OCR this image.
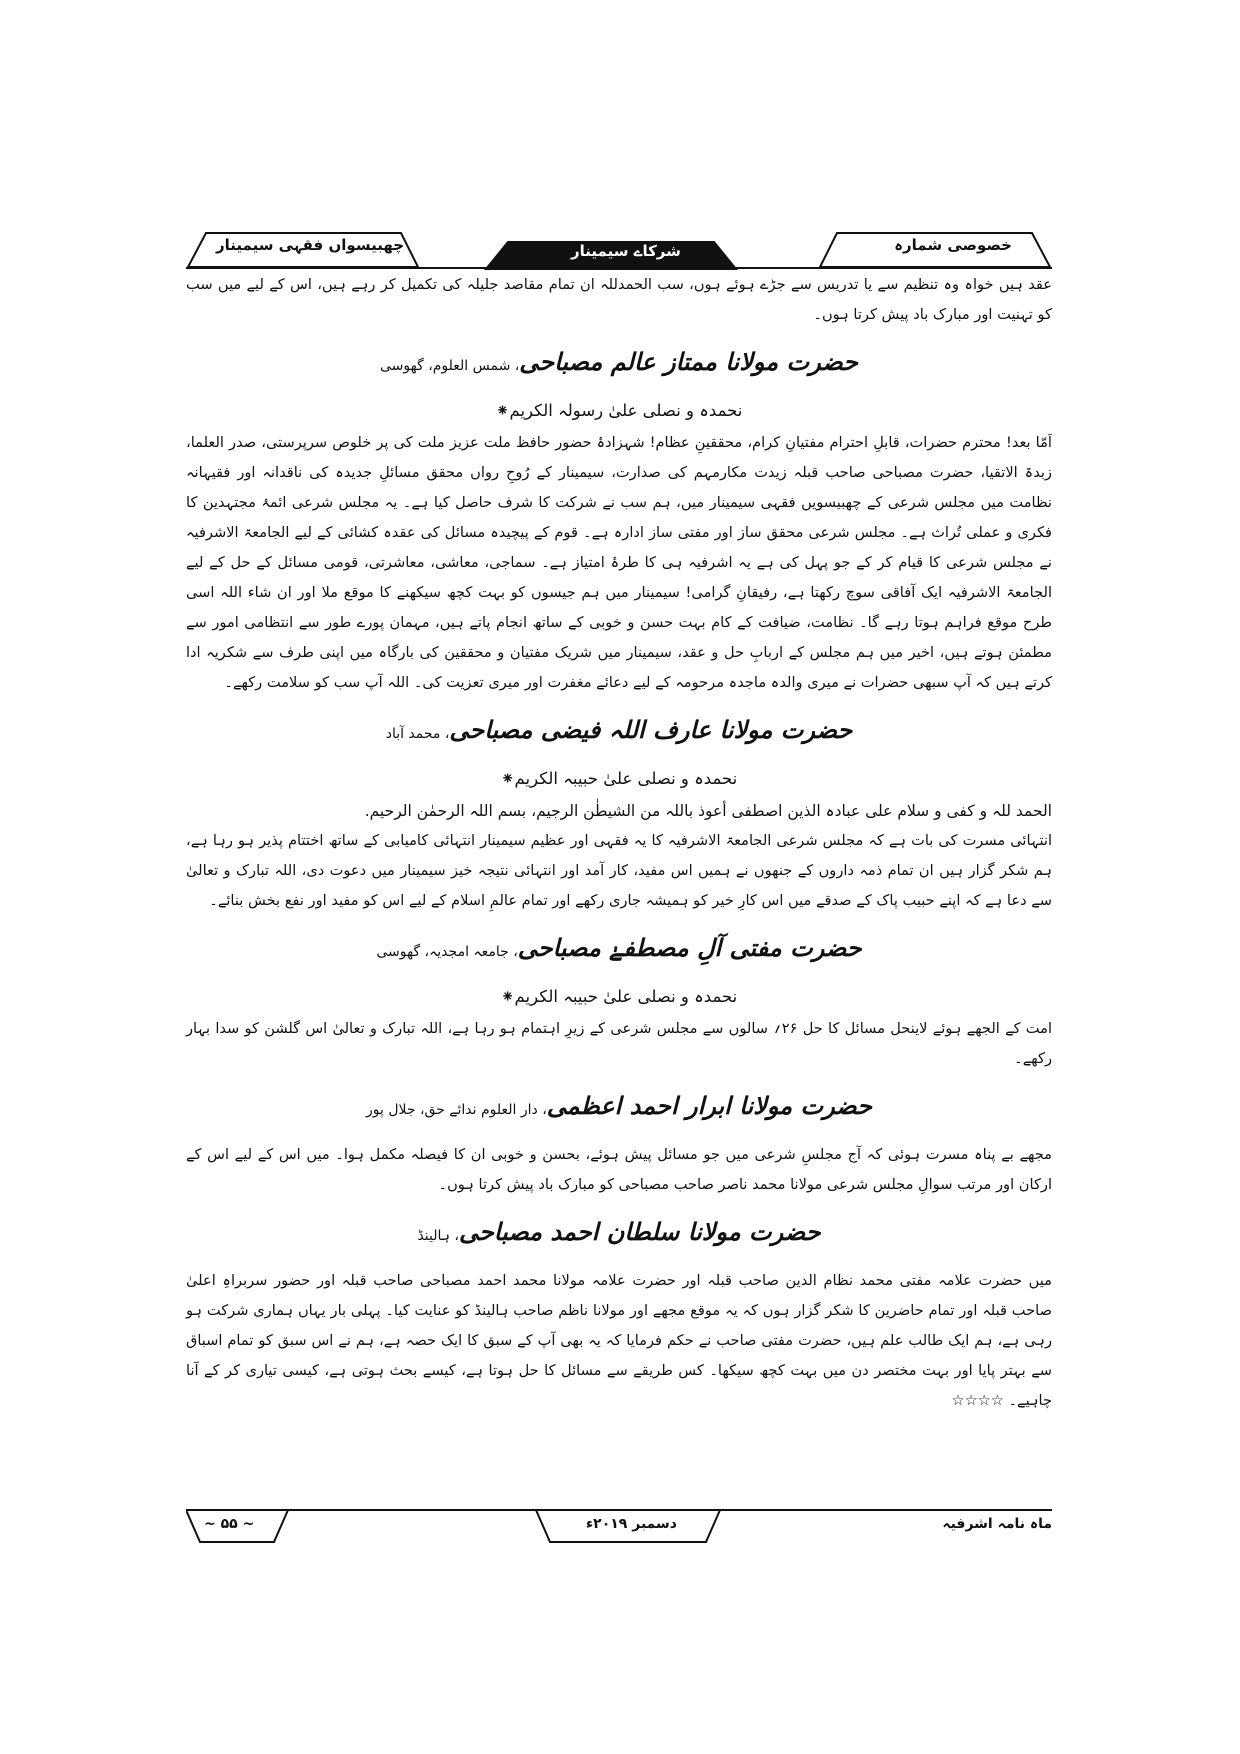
چھبیسواں فقہی سیمینار	شرکاے سیمینار	خصوصی شمارہ

عقد ہیں خواہ وہ تنظیم سے یا تدریس سے جڑے ہوئے ہوں، سب الحمدللہ ان تمام مقاصد جلیلہ کی تکمیل کر رہے ہیں، اس کے لیے میں سب کو تہنیت اور مبارک باد پیش کرتا ہوں۔

حضرت مولانا ممتاز عالم مصباحی، شمس العلوم، گھوسی
نحمدہ و نصلی علیٰ رسولہ الکریم⁕

اَمّا بعد! محترم حضرات، قابلِ احترام مفتیانِ کرام، محققینِ عظام! شہزادۂ حضور حافظ ملت عزیز ملت کی پر خلوص سرپرستی، صدر العلما، زبدۃ الاتقیا، حضرت مصباحی صاحب قبلہ زیدت مکارمہم کی صدارت، سیمینار کے رُوحِ رواں محقق مسائلِ جدیدہ کی ناقدانہ اور فقیہانہ نظامت میں مجلس شرعی کے چھبیسویں فقہی سیمینار میں، ہم سب نے شرکت کا شرف حاصل کیا ہے۔ یہ مجلس شرعی ائمۂ مجتہدین کا فکری و عملی تُراث ہے۔ مجلس شرعی محقق ساز اور مفتی ساز ادارہ ہے۔ قوم کے پیچیدہ مسائل کی عقدہ کشائی کے لیے الجامعۃ الاشرفیہ نے مجلس شرعی کا قیام کر کے جو پہل کی ہے یہ اشرفیہ ہی کا طرۂ امتیاز ہے۔ سماجی، معاشی، معاشرتی، قومی مسائل کے حل کے لیے الجامعۃ الاشرفیہ ایک آفاقی سوچ رکھتا ہے، رفیقانِ گرامی! سیمینار میں ہم جیسوں کو بہت کچھ سیکھنے کا موقع ملا اور ان شاء اللہ اسی طرح موقع فراہم ہوتا رہے گا۔ نظامت، ضیافت کے کام بہت حسن و خوبی کے ساتھ انجام پاتے ہیں، مہمان پورے طور سے انتظامی امور سے مطمئن ہوتے ہیں، اخیر میں ہم مجلس کے اربابِ حل و عقد، سیمینار میں شریک مفتیان و محققین کی بارگاہ میں اپنی طرف سے شکریہ ادا کرتے ہیں کہ آپ سبھی حضرات نے میری والدہ ماجدہ مرحومہ کے لیے دعائے مغفرت اور میری تعزیت کی۔ اللہ آپ سب کو سلامت رکھے۔

حضرت مولانا عارف اللہ فیضی مصباحی، محمد آباد
نحمدہ و نصلی علیٰ حبیبہ الکریم⁕

الحمد للہ و کفی و سلام علی عبادہ الذین اصطفی أعوذ باللہ من الشیطٰن الرجیم، بسم اللہ الرحمٰن الرحیم.

انتہائی مسرت کی بات ہے کہ مجلس شرعی الجامعۃ الاشرفیہ کا یہ فقہی اور عظیم سیمینار انتہائی کامیابی کے ساتھ اختتام پذیر ہو رہا ہے، ہم شکر گزار ہیں ان تمام ذمہ داروں کے جنھوں نے ہمیں اس مفید، کار آمد اور انتہائی نتیجہ خیز سیمینار میں دعوت دی، اللہ تبارک و تعالیٰ سے دعا ہے کہ اپنے حبیب پاک کے صدقے میں اس کارِ خیر کو ہمیشہ جاری رکھے اور تمام عالمِ اسلام کے لیے اس کو مفید اور نفع بخش بنائے۔

حضرت مفتی آلِ مصطفےٰ مصباحی، جامعہ امجدیہ، گھوسی
نحمدہ و نصلی علیٰ حبیبہ الکریم⁕

امت کے الجھے ہوئے لاینحل مسائل کا حل ۲۶؍ سالوں سے مجلس شرعی کے زیرِ اہتمام ہو رہا ہے، اللہ تبارک و تعالیٰ اس گلشن کو سدا بہار رکھے۔

حضرت مولانا ابرار احمد اعظمی، دار العلوم ندائے حق، جلال پور

مجھے بے پناہ مسرت ہوئی کہ آج مجلسِ شرعی میں جو مسائل پیش ہوئے، بحسن و خوبی ان کا فیصلہ مکمل ہوا۔ میں اس کے لیے اس کے ارکان اور مرتب سوالِ مجلس شرعی مولانا محمد ناصر صاحب مصباحی کو مبارک باد پیش کرتا ہوں۔

حضرت مولانا سلطان احمد مصباحی، ہالینڈ

میں حضرت علامہ مفتی محمد نظام الدین صاحب قبلہ اور حضرت علامہ مولانا محمد احمد مصباحی صاحب قبلہ اور حضور سربراہِ اعلیٰ صاحب قبلہ اور تمام حاضرین کا شکر گزار ہوں کہ یہ موقع مجھے اور مولانا ناظم صاحب ہالینڈ کو عنایت کیا۔ پہلی بار یہاں ہماری شرکت ہو رہی ہے، ہم ایک طالب علم ہیں، حضرت مفتی صاحب نے حکم فرمایا کہ یہ بھی آپ کے سبق کا ایک حصہ ہے، ہم نے اس سبق کو تمام اسباق سے بہتر پایا اور بہت مختصر دن میں بہت کچھ سیکھا۔ کس طریقے سے مسائل کا حل ہوتا ہے، کیسے بحث ہوتی ہے، کیسی تیاری کر کے آنا چاہیے۔ ☆☆☆☆

~ ۵۵ ~	دسمبر ۲۰۱۹ء	ماہ نامہ اشرفیہ
